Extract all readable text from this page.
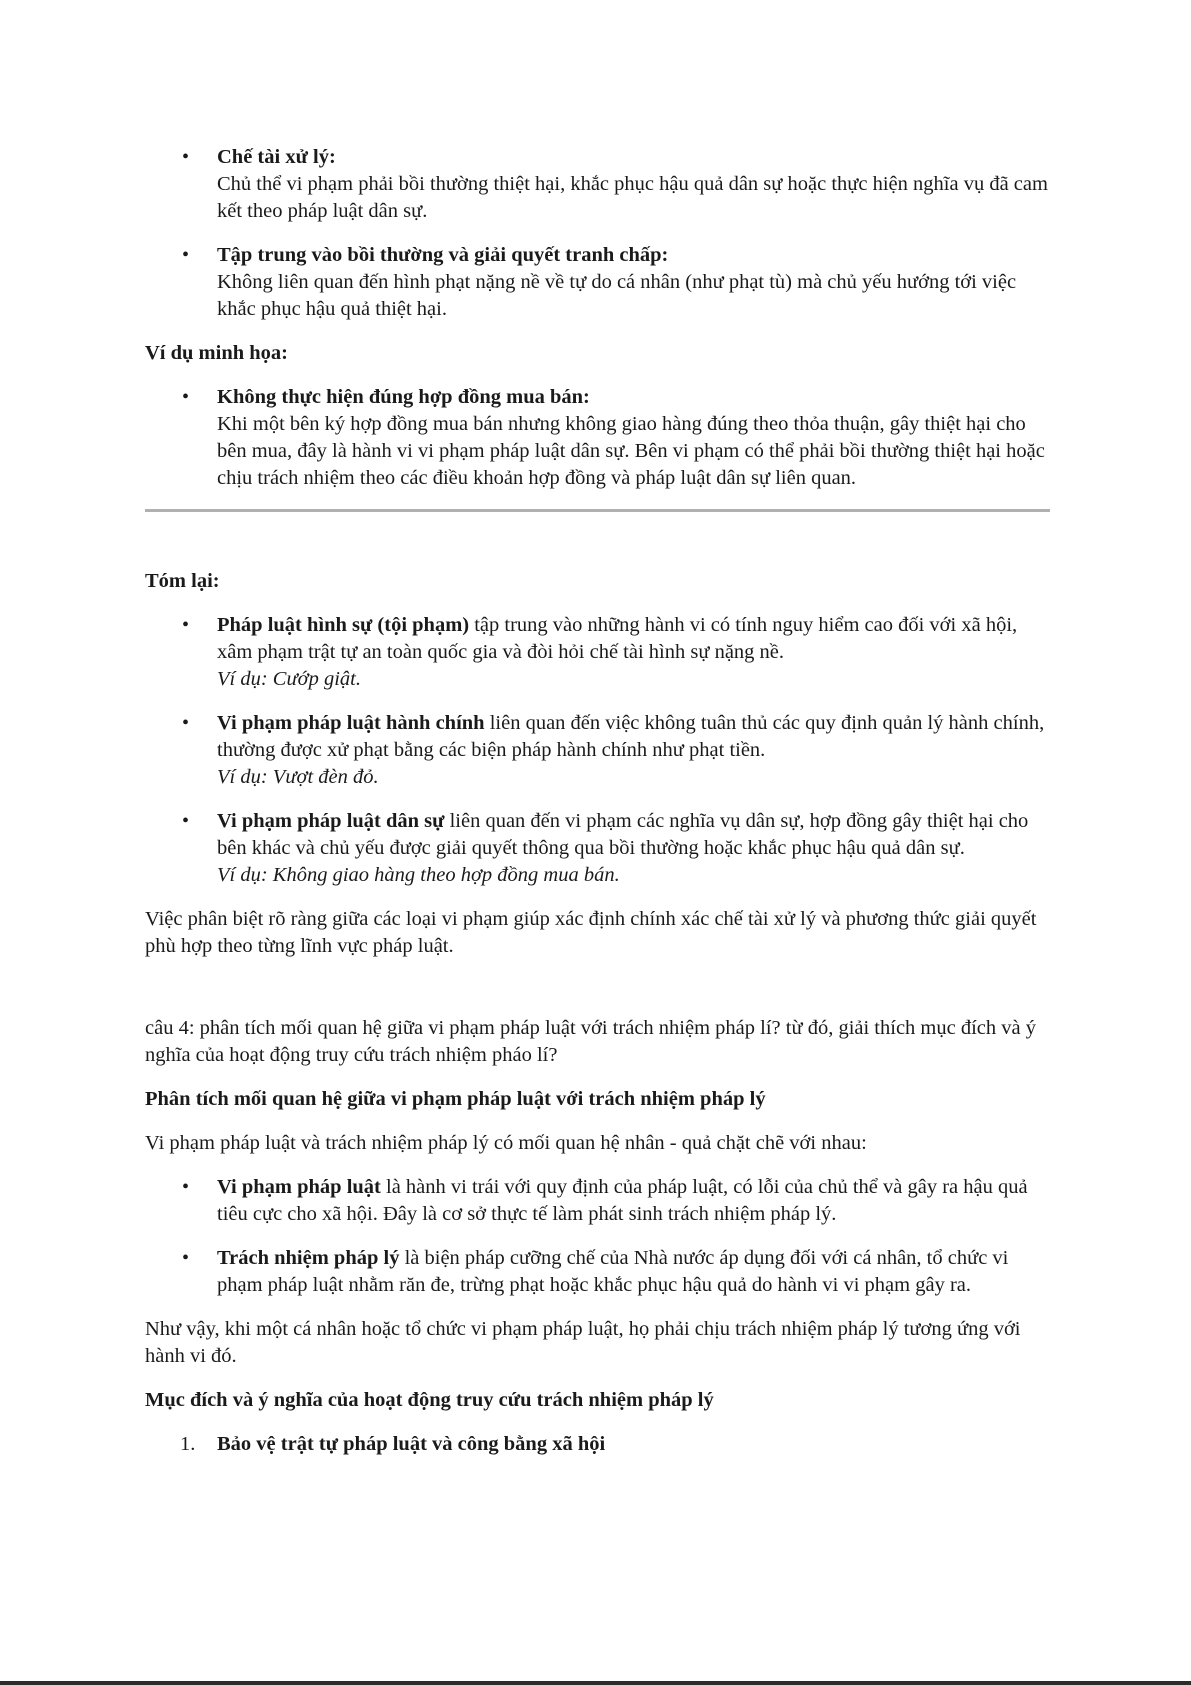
• Chế tài xử lý:
Chủ thể vi phạm phải bồi thường thiệt hại, khắc phục hậu quả dân sự hoặc thực hiện nghĩa vụ đã cam kết theo pháp luật dân sự.
• Tập trung vào bồi thường và giải quyết tranh chấp:
Không liên quan đến hình phạt nặng nề về tự do cá nhân (như phạt tù) mà chủ yếu hướng tới việc khắc phục hậu quả thiệt hại.

Ví dụ minh họa:

• Không thực hiện đúng hợp đồng mua bán:
Khi một bên ký hợp đồng mua bán nhưng không giao hàng đúng theo thỏa thuận, gây thiệt hại cho bên mua, đây là hành vi vi phạm pháp luật dân sự. Bên vi phạm có thể phải bồi thường thiệt hại hoặc chịu trách nhiệm theo các điều khoản hợp đồng và pháp luật dân sự liên quan.

Tóm lại:

• Pháp luật hình sự (tội phạm) tập trung vào những hành vi có tính nguy hiểm cao đối với xã hội, xâm phạm trật tự an toàn quốc gia và đòi hỏi chế tài hình sự nặng nề.
Ví dụ: Cướp giật.
• Vi phạm pháp luật hành chính liên quan đến việc không tuân thủ các quy định quản lý hành chính, thường được xử phạt bằng các biện pháp hành chính như phạt tiền.
Ví dụ: Vượt đèn đỏ.
• Vi phạm pháp luật dân sự liên quan đến vi phạm các nghĩa vụ dân sự, hợp đồng gây thiệt hại cho bên khác và chủ yếu được giải quyết thông qua bồi thường hoặc khắc phục hậu quả dân sự.
Ví dụ: Không giao hàng theo hợp đồng mua bán.

Việc phân biệt rõ ràng giữa các loại vi phạm giúp xác định chính xác chế tài xử lý và phương thức giải quyết phù hợp theo từng lĩnh vực pháp luật.

câu 4: phân tích mối quan hệ giữa vi phạm pháp luật với trách nhiệm pháp lí? từ đó, giải thích mục đích và ý nghĩa của hoạt động truy cứu trách nhiệm pháo lí?

Phân tích mối quan hệ giữa vi phạm pháp luật với trách nhiệm pháp lý

Vi phạm pháp luật và trách nhiệm pháp lý có mối quan hệ nhân - quả chặt chẽ với nhau:

• Vi phạm pháp luật là hành vi trái với quy định của pháp luật, có lỗi của chủ thể và gây ra hậu quả tiêu cực cho xã hội. Đây là cơ sở thực tế làm phát sinh trách nhiệm pháp lý.
• Trách nhiệm pháp lý là biện pháp cưỡng chế của Nhà nước áp dụng đối với cá nhân, tổ chức vi phạm pháp luật nhằm răn đe, trừng phạt hoặc khắc phục hậu quả do hành vi vi phạm gây ra.

Như vậy, khi một cá nhân hoặc tổ chức vi phạm pháp luật, họ phải chịu trách nhiệm pháp lý tương ứng với hành vi đó.

Mục đích và ý nghĩa của hoạt động truy cứu trách nhiệm pháp lý

1. Bảo vệ trật tự pháp luật và công bằng xã hội
